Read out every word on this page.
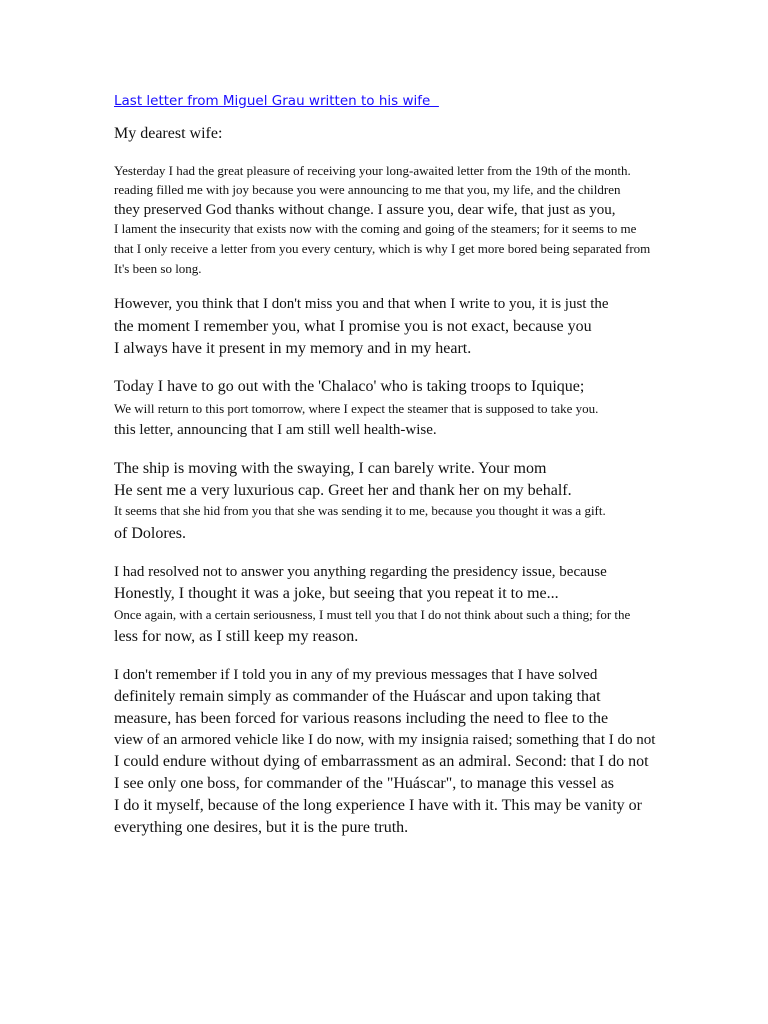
Last letter from Miguel Grau written to his wife
My dearest wife:
Yesterday I had the great pleasure of receiving your long-awaited letter from the 19th of the month.
reading filled me with joy because you were announcing to me that you, my life, and the children
they preserved God thanks without change. I assure you, dear wife, that just as you,
I lament the insecurity that exists now with the coming and going of the steamers; for it seems to me
that I only receive a letter from you every century, which is why I get more bored being separated from
It's been so long.
However, you think that I don't miss you and that when I write to you, it is just the
the moment I remember you, what I promise you is not exact, because you
I always have it present in my memory and in my heart.
Today I have to go out with the 'Chalaco' who is taking troops to Iquique;
We will return to this port tomorrow, where I expect the steamer that is supposed to take you.
this letter, announcing that I am still well health-wise.
The ship is moving with the swaying, I can barely write. Your mom
He sent me a very luxurious cap. Greet her and thank her on my behalf.
It seems that she hid from you that she was sending it to me, because you thought it was a gift.
of Dolores.
I had resolved not to answer you anything regarding the presidency issue, because
Honestly, I thought it was a joke, but seeing that you repeat it to me...
Once again, with a certain seriousness, I must tell you that I do not think about such a thing; for the
less for now, as I still keep my reason.
I don't remember if I told you in any of my previous messages that I have solved
definitely remain simply as commander of the Huáscar and upon taking that
measure, has been forced for various reasons including the need to flee to the
view of an armored vehicle like I do now, with my insignia raised; something that I do not
I could endure without dying of embarrassment as an admiral. Second: that I do not
I see only one boss, for commander of the "Huáscar", to manage this vessel as
I do it myself, because of the long experience I have with it. This may be vanity or
everything one desires, but it is the pure truth.
